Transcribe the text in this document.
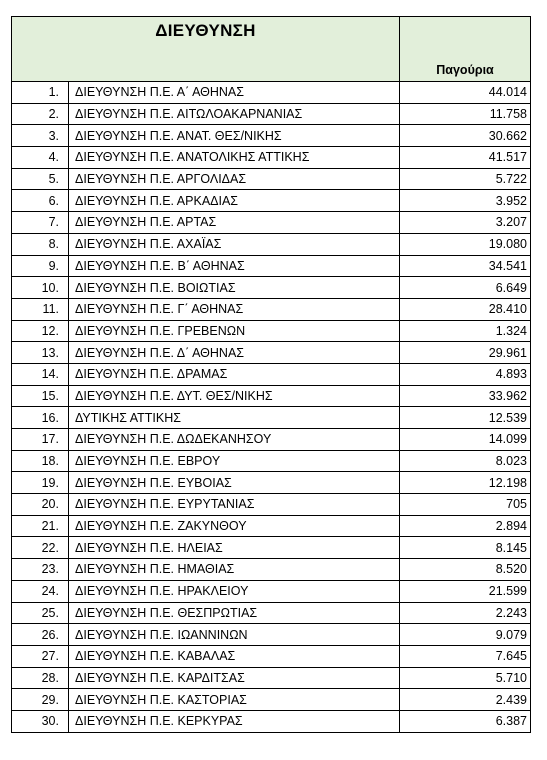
ΔΙΕΥΘΥΝΣΗ		Παγούρια
1.	ΔΙΕΥΘΥΝΣΗ Π.Ε. Α΄ ΑΘΗΝΑΣ	44.014
2.	ΔΙΕΥΘΥΝΣΗ Π.Ε. ΑΙΤΩΛΟΑΚΑΡΝΑΝΙΑΣ	11.758
3.	ΔΙΕΥΘΥΝΣΗ Π.Ε. ΑΝΑΤ. ΘΕΣ/ΝΙΚΗΣ	30.662
4.	ΔΙΕΥΘΥΝΣΗ Π.Ε. ΑΝΑΤΟΛΙΚΗΣ ΑΤΤΙΚΗΣ	41.517
5.	ΔΙΕΥΘΥΝΣΗ Π.Ε. ΑΡΓΟΛΙΔΑΣ	5.722
6.	ΔΙΕΥΘΥΝΣΗ Π.Ε. ΑΡΚΑΔΙΑΣ	3.952
7.	ΔΙΕΥΘΥΝΣΗ Π.Ε. ΑΡΤΑΣ	3.207
8.	ΔΙΕΥΘΥΝΣΗ Π.Ε. ΑΧΑΪΑΣ	19.080
9.	ΔΙΕΥΘΥΝΣΗ Π.Ε. Β΄ ΑΘΗΝΑΣ	34.541
10.	ΔΙΕΥΘΥΝΣΗ Π.Ε. ΒΟΙΩΤΙΑΣ	6.649
11.	ΔΙΕΥΘΥΝΣΗ Π.Ε. Γ΄ ΑΘΗΝΑΣ	28.410
12.	ΔΙΕΥΘΥΝΣΗ Π.Ε. ΓΡΕΒΕΝΩΝ	1.324
13.	ΔΙΕΥΘΥΝΣΗ Π.Ε. Δ΄ ΑΘΗΝΑΣ	29.961
14.	ΔΙΕΥΘΥΝΣΗ Π.Ε. ΔΡΑΜΑΣ	4.893
15.	ΔΙΕΥΘΥΝΣΗ Π.Ε. ΔΥΤ. ΘΕΣ/ΝΙΚΗΣ	33.962
16.	ΔΥΤΙΚΗΣ ΑΤΤΙΚΗΣ	12.539
17.	ΔΙΕΥΘΥΝΣΗ Π.Ε. ΔΩΔΕΚΑΝΗΣΟΥ	14.099
18.	ΔΙΕΥΘΥΝΣΗ Π.Ε. ΕΒΡΟΥ	8.023
19.	ΔΙΕΥΘΥΝΣΗ Π.Ε. ΕΥΒΟΙΑΣ	12.198
20.	ΔΙΕΥΘΥΝΣΗ Π.Ε. ΕΥΡΥΤΑΝΙΑΣ	705
21.	ΔΙΕΥΘΥΝΣΗ Π.Ε. ΖΑΚΥΝΘΟΥ	2.894
22.	ΔΙΕΥΘΥΝΣΗ Π.Ε. ΗΛΕΙΑΣ	8.145
23.	ΔΙΕΥΘΥΝΣΗ Π.Ε. ΗΜΑΘΙΑΣ	8.520
24.	ΔΙΕΥΘΥΝΣΗ Π.Ε. ΗΡΑΚΛΕΙΟΥ	21.599
25.	ΔΙΕΥΘΥΝΣΗ Π.Ε. ΘΕΣΠΡΩΤΙΑΣ	2.243
26.	ΔΙΕΥΘΥΝΣΗ Π.Ε. ΙΩΑΝΝΙΝΩΝ	9.079
27.	ΔΙΕΥΘΥΝΣΗ Π.Ε. ΚΑΒΑΛΑΣ	7.645
28.	ΔΙΕΥΘΥΝΣΗ Π.Ε. ΚΑΡΔΙΤΣΑΣ	5.710
29.	ΔΙΕΥΘΥΝΣΗ Π.Ε. ΚΑΣΤΟΡΙΑΣ	2.439
30.	ΔΙΕΥΘΥΝΣΗ Π.Ε. ΚΕΡΚΥΡΑΣ	6.387
